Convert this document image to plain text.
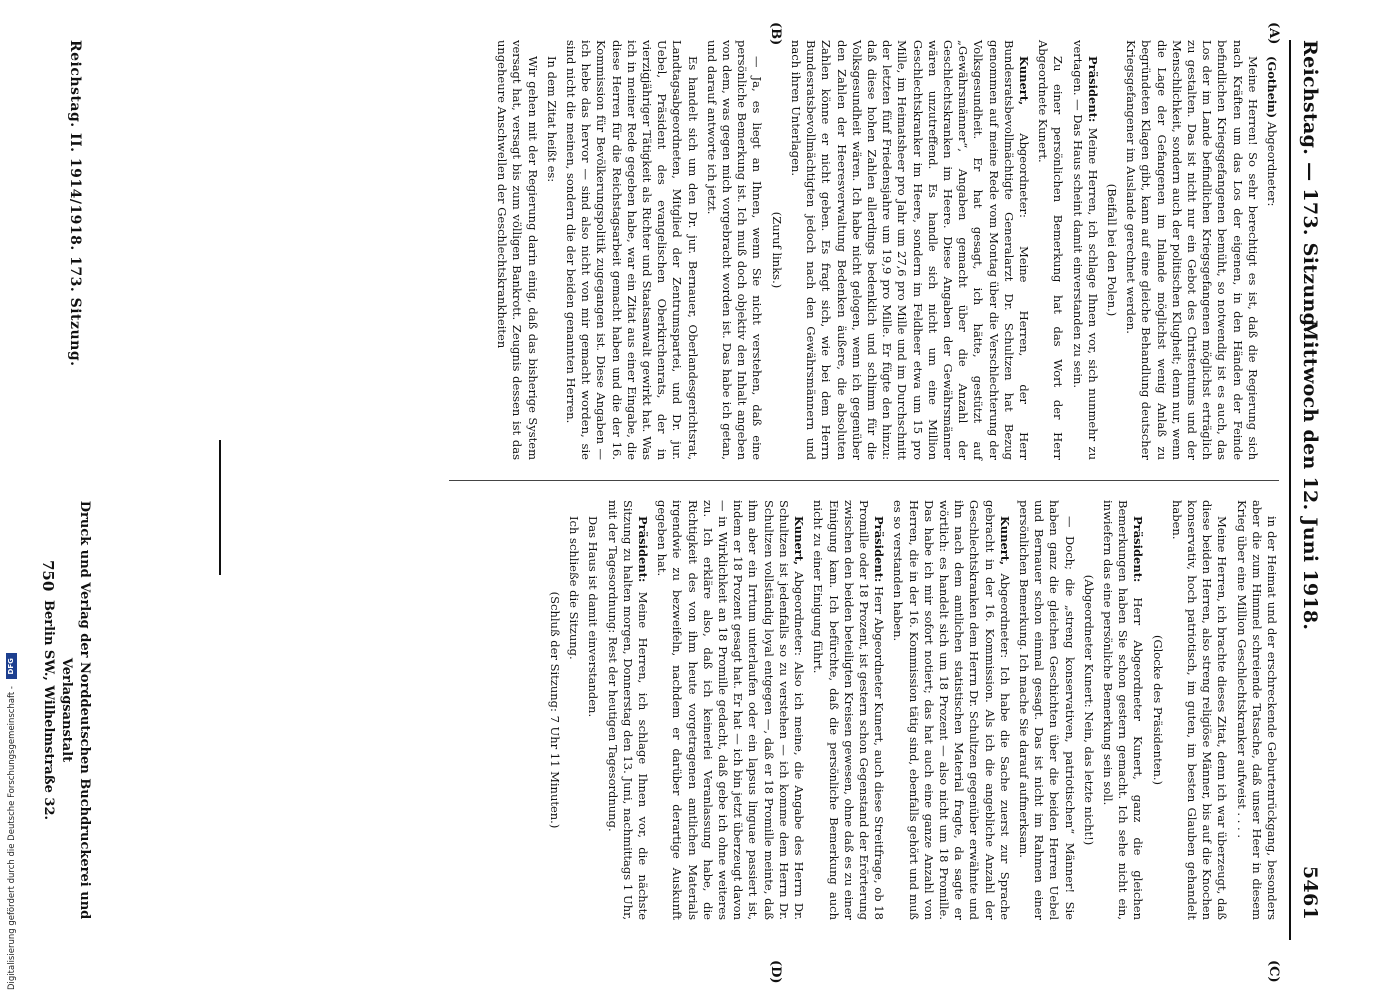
Reichstag. — 173. Sitzung.
Mittwoch den 12. Juni 1918.
5461
(A)
(B)
(C)
(D)

(Gothein) Abgeordneter:

Meine Herren! So sehr berechtigt es ist, daß die Regierung sich nach Kräften um das Los der eigenen, in den Händen der Feinde befindlichen Kriegsgefangenen bemüht, so notwendig ist es auch, das Los der im Lande befindlichen Kriegsgefangenen möglichst erträglich zu gestalten. Das ist nicht nur ein Gebot des Christentums und der Menschlichkeit, sondern auch der politischen Klugheit; denn nur, wenn die Lage der Gefangenen im Inlande möglichst wenig Anlaß zu begründeten Klagen gibt, kann auf eine gleiche Behandlung deutscher Kriegsgefangener im Auslande gerechnet werden.

(Beifall bei den Polen.)

Präsident: Meine Herren, ich schlage Ihnen vor, sich nunmehr zu vertagen. — Das Haus scheint damit einverstanden zu sein.

Zu einer persönlichen Bemerkung hat das Wort der Herr Abgeordnete Kunert.

Kunert, Abgeordneter: Meine Herren, der Herr Bundesratsbevollmächtigte Generalarzt Dr. Schultzen hat Bezug genommen auf meine Rede vom Montag über die Verschlechterung der Volksgesundheit. Er hat gesagt, ich hätte, gestützt auf „Gewährsmänner“, Angaben gemacht über die Anzahl der Geschlechtskranken im Heere. Diese Angaben der Gewährsmänner wären unzutreffend. Es handle sich nicht um eine Million Geschlechtskranker im Heere, sondern im Feldheer etwa um 15 pro Mille, im Heimatsheer pro Jahr um 27,6 pro Mille und im Durchschnitt der letzten fünf Friedensjahre um 19,9 pro Mille. Er fügte den hinzu: daß diese hohen Zahlen allerdings bedenklich und schlimm für die Volksgesundheit wären. Ich habe nicht gelogen, wenn ich gegenüber den Zahlen der Heeresverwaltung Bedenken äußere, die absoluten Zahlen könne er nicht geben. Es fragt sich, wie bei dem Herrn Bundesratsbevollmächtigten jedoch nach den Gewährsmännern und nach ihren Unterlagen.

(Zuruf links.)

— Ja, es liegt an Ihnen, wenn Sie nicht verstehen, daß eine persönliche Bemerkung ist. Ich muß doch objektiv den Inhalt angeben von dem, was gegen mich vorgebracht worden ist. Das habe ich getan, und darauf antworte ich jetzt.

Es handelt sich um den Dr. jur. Bernauer, Oberlandesgerichtsrat, Landtagsabgeordneten, Mitglied der Zentrumspartei, und Dr. jur. Uebel, Präsident des evangelischen Oberkirchenrats, der in vierzigjähriger Tätigkeit als Richter und Staatsanwalt gewirkt hat. Was ich in meiner Rede gegeben habe, war ein Zitat aus einer Eingabe, die diese Herren für die Reichstagsarbeit gemacht haben und die der 16. Kommission für Bevölkerungspolitik zugegangen ist. Diese Angaben — ich hebe das hervor — sind also nicht von mir gemacht worden, sie sind nicht die meinen, sondern die der beiden genannten Herren.

In dem Zitat heißt es:

Wir gehen mit der Regierung darin einig, daß das bisherige System versagt hat, versagt bis zum völligen Bankrott. Zeugnis dessen ist das ungeheure Anschwellen der Geschlechtskrankheiten

in der Heimat und der erschreckende Geburtenrückgang, besonders aber die zum Himmel schreiende Tatsache, daß unser Heer in diesem Krieg über eine Million Geschlechtskranker aufweist . . . .

Meine Herren, ich brachte dieses Zitat, denn ich war überzeugt, daß diese beiden Herren, also streng religiöse Männer, bis auf die Knochen konservativ, hoch patriotisch, im guten, im besten Glauben gehandelt haben.

(Glocke des Präsidenten.)

Präsident: Herr Abgeordneter Kunert, ganz die gleichen Bemerkungen haben Sie schon gestern gemacht. Ich sehe nicht ein, inwiefern das eine persönliche Bemerkung sein soll.

(Abgeordneter Kunert: Nein, das letzte nicht!)

— Doch; die „streng konservativen, patriotischen“ Männer! Sie haben ganz die gleichen Geschichten über die beiden Herren Uebel und Bernauer schon einmal gesagt. Das ist nicht im Rahmen einer persönlichen Bemerkung. Ich mache Sie darauf aufmerksam.

Kunert, Abgeordneter: Ich habe die Sache zuerst zur Sprache gebracht in der 16. Kommission. Als ich die angebliche Anzahl der Geschlechtskranken dem Herrn Dr. Schultzen gegenüber erwähnte und ihn nach dem amtlichen statistischen Material fragte, da sagte er wörtlich: es handelt sich um 18 Prozent — also nicht um 18 Promille. Das habe ich mir sofort notiert; das hat auch eine ganze Anzahl von Herren, die in der 16. Kommission tätig sind, ebenfalls gehört und muß es so verstanden haben.

Präsident: Herr Abgeordneter Kunert, auch diese Streitfrage, ob 18 Promille oder 18 Prozent, ist gestern schon Gegenstand der Erörterung zwischen den beiden beteiligten Kreisen gewesen, ohne daß es zu einer Einigung kam. Ich befürchte, daß die persönliche Bemerkung auch nicht zu einer Einigung führt.

Kunert, Abgeordneter: Also ich meine, die Angabe des Herrn Dr. Schultzen ist jedenfalls so zu verstehen — ich komme dem Herrn Dr. Schultzen vollständig loyal entgegen —, daß er 18 Promille meinte, daß ihm aber ein Irrtum unterlaufen oder ein lapsus linguae passiert ist, indem er 18 Prozent gesagt hat. Er hat — ich bin jetzt überzeugt davon — in Wirklichkeit an 18 Promille gedacht, daß gebe ich ohne weiteres zu. Ich erkläre also, daß ich keinerlei Veranlassung habe, die Richtigkeit des von ihm heute vorgetragenen amtlichen Materials irgendwie zu bezweifeln, nachdem er darüber derartige Auskunft gegeben hat.

Präsident: Meine Herren, ich schlage Ihnen vor, die nächste Sitzung zu halten morgen, Donnerstag den 13. Juni, nachmittags 1 Uhr, mit der Tagesordnung: Rest der heutigen Tagesordnung.

Das Haus ist damit einverstanden.

Ich schließe die Sitzung.

(Schluß der Sitzung: 7 Uhr 11 Minuten.)

Reichstag. II. 1914/1918. 173. Sitzung.
Druck und Verlag der Norddeutschen Buchdruckerei und Verlagsanstalt
Berlin SW., Wilhelmstraße 32.
750
Digitalisierung gefördert durch die Deutsche Forschungsgemeinschaft - DFG
